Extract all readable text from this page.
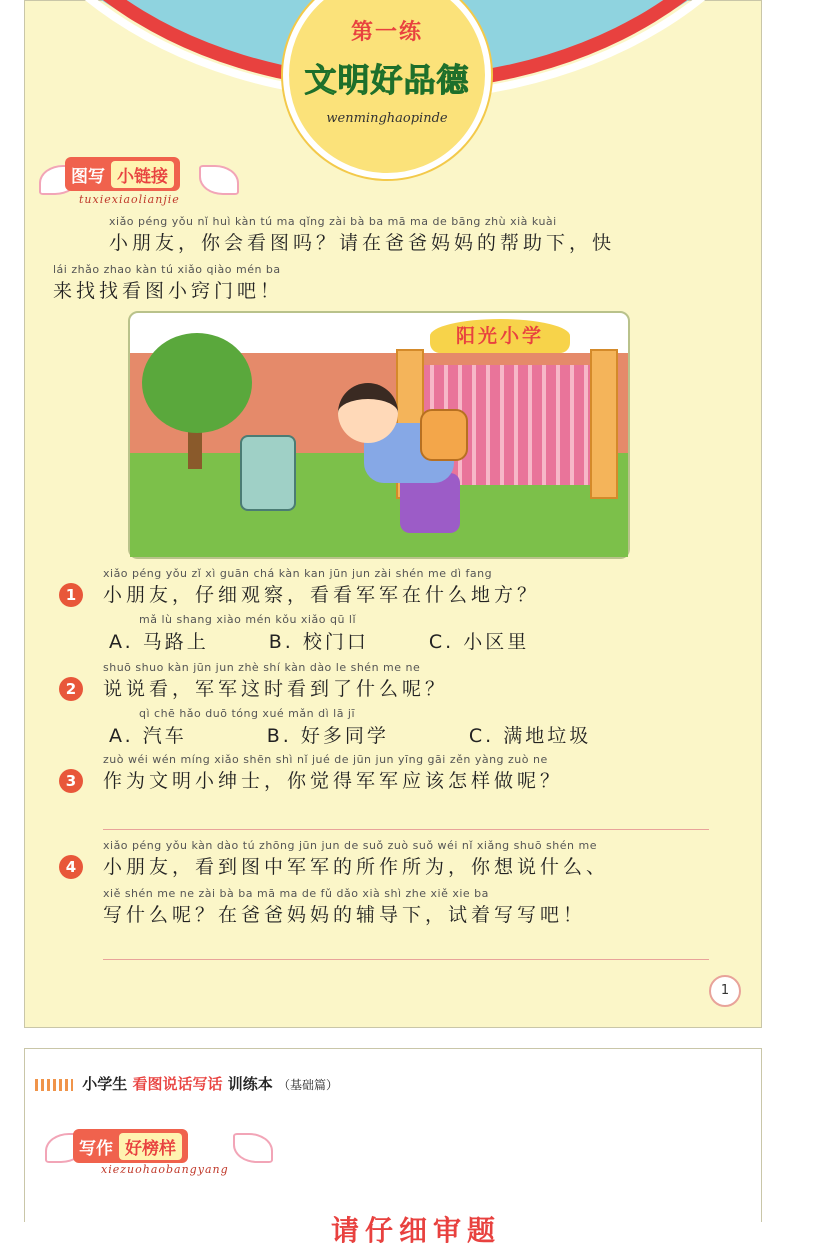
第一练
文明好品德
wenminghaopinde
图写 小链接
tuxiexiaolianjie
xiǎo péng yǒu nǐ huì kàn tú ma qǐng zài bà ba mā ma de bāng zhù xià kuài
小朋友，你会看图吗？请在爸爸妈妈的帮助下，快
lái zhǎo zhao kàn tú xiǎo qiào mén ba
来找找看图小窍门吧！
阳光小学
1
xiǎo péng yǒu zǐ xì guān chá kàn kan jūn jun zài shén me dì fang
小朋友，仔细观察，看看军军在什么地方？
mǎ lù shang xiào mén kǒu xiǎo qū lǐ
A. 马路上	B. 校门口	C. 小区里
2
shuō shuo kàn jūn jun zhè shí kàn dào le shén me ne
说说看，军军这时看到了什么呢？
qì chē hǎo duō tóng xué mǎn dì lā jī
A. 汽车	B. 好多同学	C. 满地垃圾
3
zuò wéi wén míng xiǎo shēn shì nǐ jué de jūn jun yīng gāi zěn yàng zuò ne
作为文明小绅士，你觉得军军应该怎样做呢？
4
xiǎo péng yǒu kàn dào tú zhōng jūn jun de suǒ zuò suǒ wéi nǐ xiǎng shuō shén me
小朋友，看到图中军军的所作所为，你想说什么、
xiě shén me ne zài bà ba mā ma de fǔ dǎo xià shì zhe xiě xie ba
写什么呢？在爸爸妈妈的辅导下，试着写写吧！
1
小学生 看图说话写话 训练本 （基础篇）
写作 好榜样
xiezuohaobangyang
请仔细审题
